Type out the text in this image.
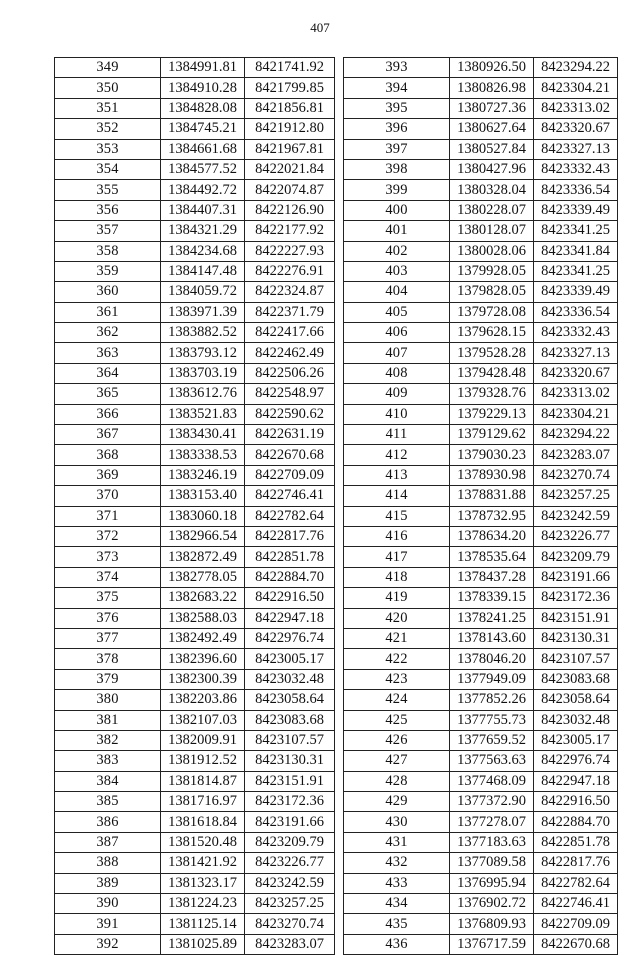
407
349	1384991.81	8421741.92
350	1384910.28	8421799.85
351	1384828.08	8421856.81
352	1384745.21	8421912.80
353	1384661.68	8421967.81
354	1384577.52	8422021.84
355	1384492.72	8422074.87
356	1384407.31	8422126.90
357	1384321.29	8422177.92
358	1384234.68	8422227.93
359	1384147.48	8422276.91
360	1384059.72	8422324.87
361	1383971.39	8422371.79
362	1383882.52	8422417.66
363	1383793.12	8422462.49
364	1383703.19	8422506.26
365	1383612.76	8422548.97
366	1383521.83	8422590.62
367	1383430.41	8422631.19
368	1383338.53	8422670.68
369	1383246.19	8422709.09
370	1383153.40	8422746.41
371	1383060.18	8422782.64
372	1382966.54	8422817.76
373	1382872.49	8422851.78
374	1382778.05	8422884.70
375	1382683.22	8422916.50
376	1382588.03	8422947.18
377	1382492.49	8422976.74
378	1382396.60	8423005.17
379	1382300.39	8423032.48
380	1382203.86	8423058.64
381	1382107.03	8423083.68
382	1382009.91	8423107.57
383	1381912.52	8423130.31
384	1381814.87	8423151.91
385	1381716.97	8423172.36
386	1381618.84	8423191.66
387	1381520.48	8423209.79
388	1381421.92	8423226.77
389	1381323.17	8423242.59
390	1381224.23	8423257.25
391	1381125.14	8423270.74
392	1381025.89	8423283.07
393	1380926.50	8423294.22
394	1380826.98	8423304.21
395	1380727.36	8423313.02
396	1380627.64	8423320.67
397	1380527.84	8423327.13
398	1380427.96	8423332.43
399	1380328.04	8423336.54
400	1380228.07	8423339.49
401	1380128.07	8423341.25
402	1380028.06	8423341.84
403	1379928.05	8423341.25
404	1379828.05	8423339.49
405	1379728.08	8423336.54
406	1379628.15	8423332.43
407	1379528.28	8423327.13
408	1379428.48	8423320.67
409	1379328.76	8423313.02
410	1379229.13	8423304.21
411	1379129.62	8423294.22
412	1379030.23	8423283.07
413	1378930.98	8423270.74
414	1378831.88	8423257.25
415	1378732.95	8423242.59
416	1378634.20	8423226.77
417	1378535.64	8423209.79
418	1378437.28	8423191.66
419	1378339.15	8423172.36
420	1378241.25	8423151.91
421	1378143.60	8423130.31
422	1378046.20	8423107.57
423	1377949.09	8423083.68
424	1377852.26	8423058.64
425	1377755.73	8423032.48
426	1377659.52	8423005.17
427	1377563.63	8422976.74
428	1377468.09	8422947.18
429	1377372.90	8422916.50
430	1377278.07	8422884.70
431	1377183.63	8422851.78
432	1377089.58	8422817.76
433	1376995.94	8422782.64
434	1376902.72	8422746.41
435	1376809.93	8422709.09
436	1376717.59	8422670.68
